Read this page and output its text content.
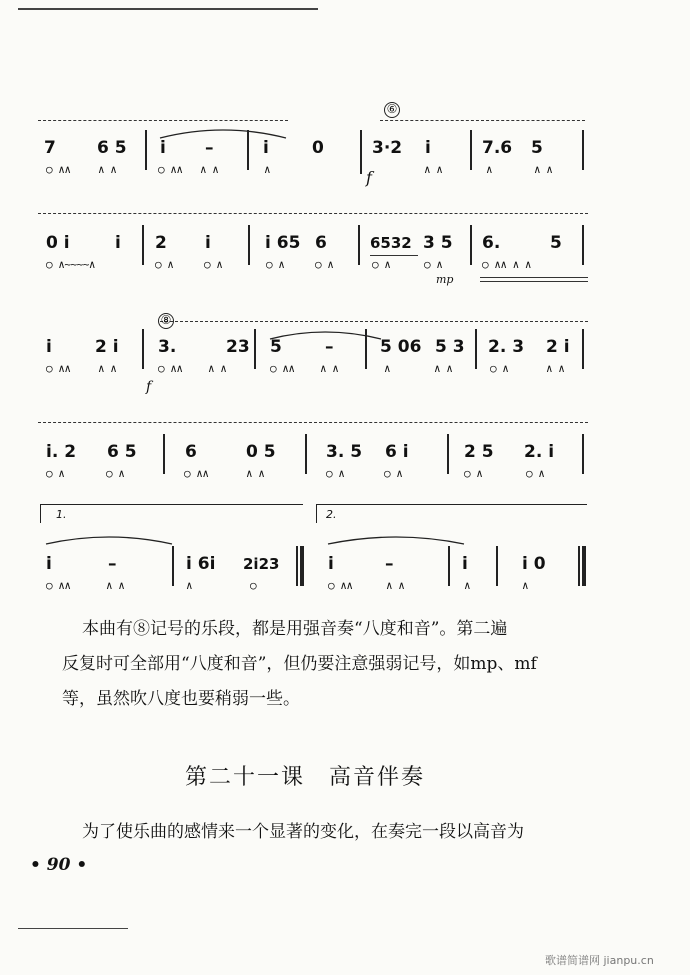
⑥
7 6 5 i –	i	0
f
3·2 i	7.6 5
○ ∧∧	∧ ∧	○ ∧∧ ∧ ∧	∧	∧ ∧	∧	∧ ∧
0 i	i 2 i	i 65 6	6532 3 5 6.	5
○ ∧~~~~∧	○ ∧	○ ∧	○ ∧	○ ∧	○ ∧	○ ∧	○ ∧∧ ∧ ∧
mp
⑧
i	2 i 3.	23 5	–	5 06 5 3 2. 3 2 i
f
○ ∧∧	∧ ∧	○ ∧∧ ∧ ∧	○ ∧∧ ∧ ∧	∧	∧ ∧	○ ∧	∧ ∧
i. 2 6 5	6	0 5	3. 5 6 i	2 5 2. i
○ ∧	○ ∧	○ ∧∧	∧ ∧	○ ∧	○ ∧	○ ∧	○ ∧
1.	2.
i	–	i 6i 2i23	i	–	i	i 0
○ ∧∧	∧ ∧	∧	○	○ ∧∧	∧ ∧	∧	∧
本曲有⑧记号的乐段，都是用强音奏“八度和音”。第二遍
反复时可全部用“八度和音”，但仍要注意强弱记号，如mp、mf
等，虽然吹八度也要稍弱一些。
第二十一课　高音伴奏
为了使乐曲的感情来一个显著的变化，在奏完一段以高音为
• 90 •
歌谱简谱网 jianpu.cn
